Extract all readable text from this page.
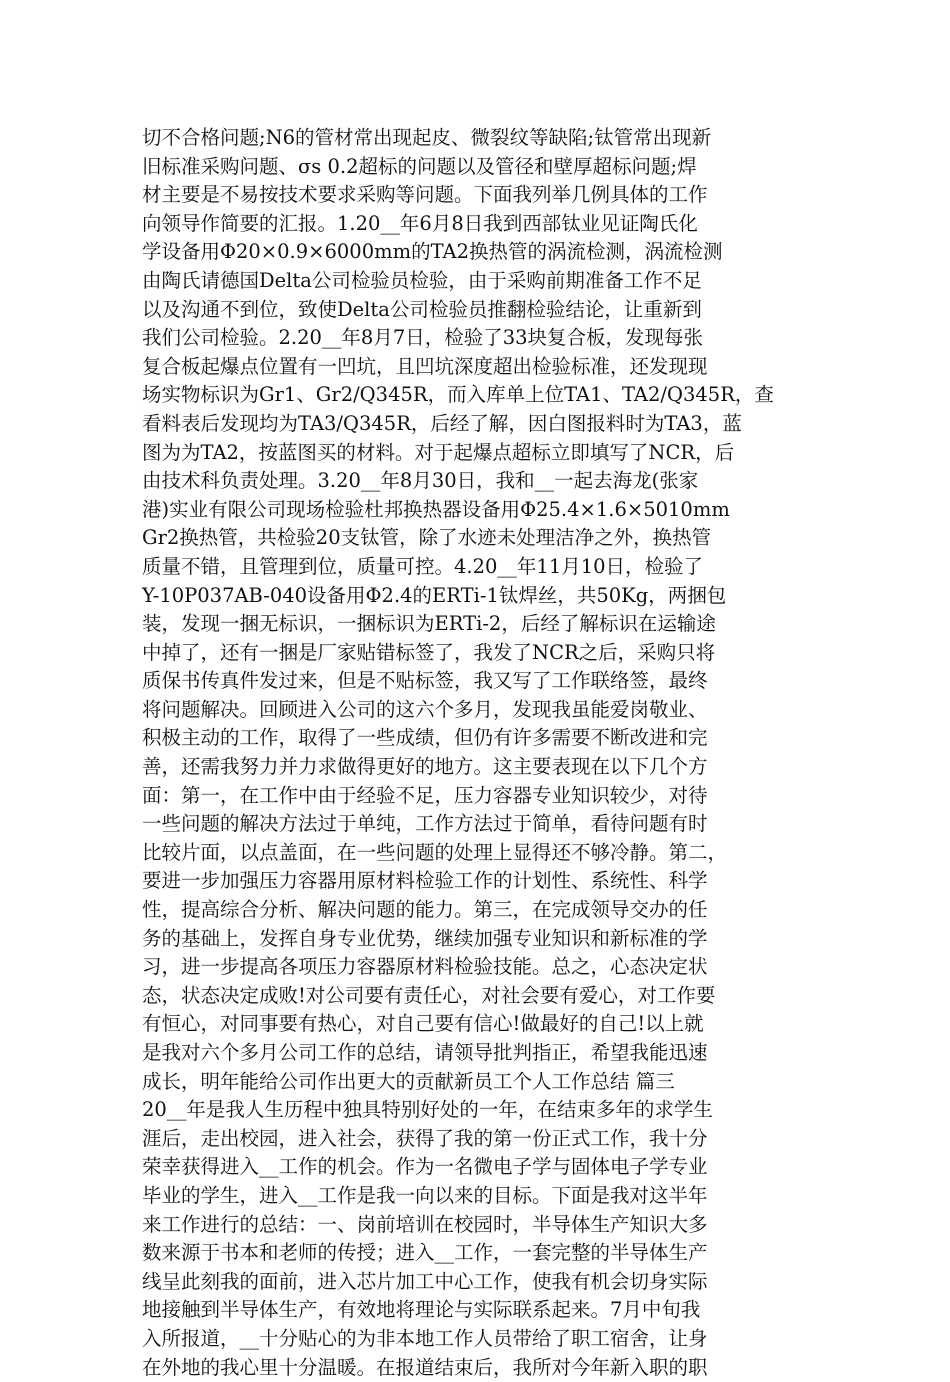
切不合格问题;N6的管材常出现起皮、微裂纹等缺陷;钛管常出现新
旧标准采购问题、σs 0.2超标的问题以及管径和壁厚超标问题;焊
材主要是不易按技术要求采购等问题。下面我列举几例具体的工作
向领导作简要的汇报。1.20__年6月8日我到西部钛业见证陶氏化
学设备用Φ20×0.9×6000mm的TA2换热管的涡流检测，涡流检测
由陶氏请德国Delta公司检验员检验，由于采购前期准备工作不足
以及沟通不到位，致使Delta公司检验员推翻检验结论，让重新到
我们公司检验。2.20__年8月7日，检验了33块复合板，发现每张
复合板起爆点位置有一凹坑，且凹坑深度超出检验标准，还发现现
场实物标识为Gr1、Gr2/Q345R，而入库单上位TA1、TA2/Q345R，查
看料表后发现均为TA3/Q345R，后经了解，因白图报料时为TA3，蓝
图为为TA2，按蓝图买的材料。对于起爆点超标立即填写了NCR，后
由技术科负责处理。3.20__年8月30日，我和__一起去海龙(张家
港)实业有限公司现场检验杜邦换热器设备用Φ25.4×1.6×5010mm
Gr2换热管，共检验20支钛管，除了水迹未处理洁净之外，换热管
质量不错，且管理到位，质量可控。4.20__年11月10日，检验了
Y-10P037AB-040设备用Φ2.4的ERTi-1钛焊丝，共50Kg，两捆包
装，发现一捆无标识，一捆标识为ERTi-2，后经了解标识在运输途
中掉了，还有一捆是厂家贴错标签了，我发了NCR之后，采购只将
质保书传真件发过来，但是不贴标签，我又写了工作联络签，最终
将问题解决。回顾进入公司的这六个多月，发现我虽能爱岗敬业、
积极主动的工作，取得了一些成绩，但仍有许多需要不断改进和完
善，还需我努力并力求做得更好的地方。这主要表现在以下几个方
面：第一，在工作中由于经验不足，压力容器专业知识较少，对待
一些问题的解决方法过于单纯，工作方法过于简单，看待问题有时
比较片面，以点盖面，在一些问题的处理上显得还不够冷静。第二，
要进一步加强压力容器用原材料检验工作的计划性、系统性、科学
性，提高综合分析、解决问题的能力。第三，在完成领导交办的任
务的基础上，发挥自身专业优势，继续加强专业知识和新标准的学
习，进一步提高各项压力容器原材料检验技能。总之，心态决定状
态，状态决定成败!对公司要有责任心，对社会要有爱心，对工作要
有恒心，对同事要有热心，对自己要有信心!做最好的自己!以上就
是我对六个多月公司工作的总结，请领导批判指正，希望我能迅速
成长，明年能给公司作出更大的贡献新员工个人工作总结 篇三
20__年是我人生历程中独具特别好处的一年，在结束多年的求学生
涯后，走出校园，进入社会，获得了我的第一份正式工作，我十分
荣幸获得进入__工作的机会。作为一名微电子学与固体电子学专业
毕业的学生，进入__工作是我一向以来的目标。下面是我对这半年
来工作进行的总结：一、岗前培训在校园时，半导体生产知识大多
数来源于书本和老师的传授；进入__工作，一套完整的半导体生产
线呈此刻我的面前，进入芯片加工中心工作，使我有机会切身实际
地接触到半导体生产，有效地将理论与实际联系起来。7月中旬我
入所报道，__十分贴心的为非本地工作人员带给了职工宿舍，让身
在外地的我心里十分温暖。在报道结束后，我所对今年新入职的职
